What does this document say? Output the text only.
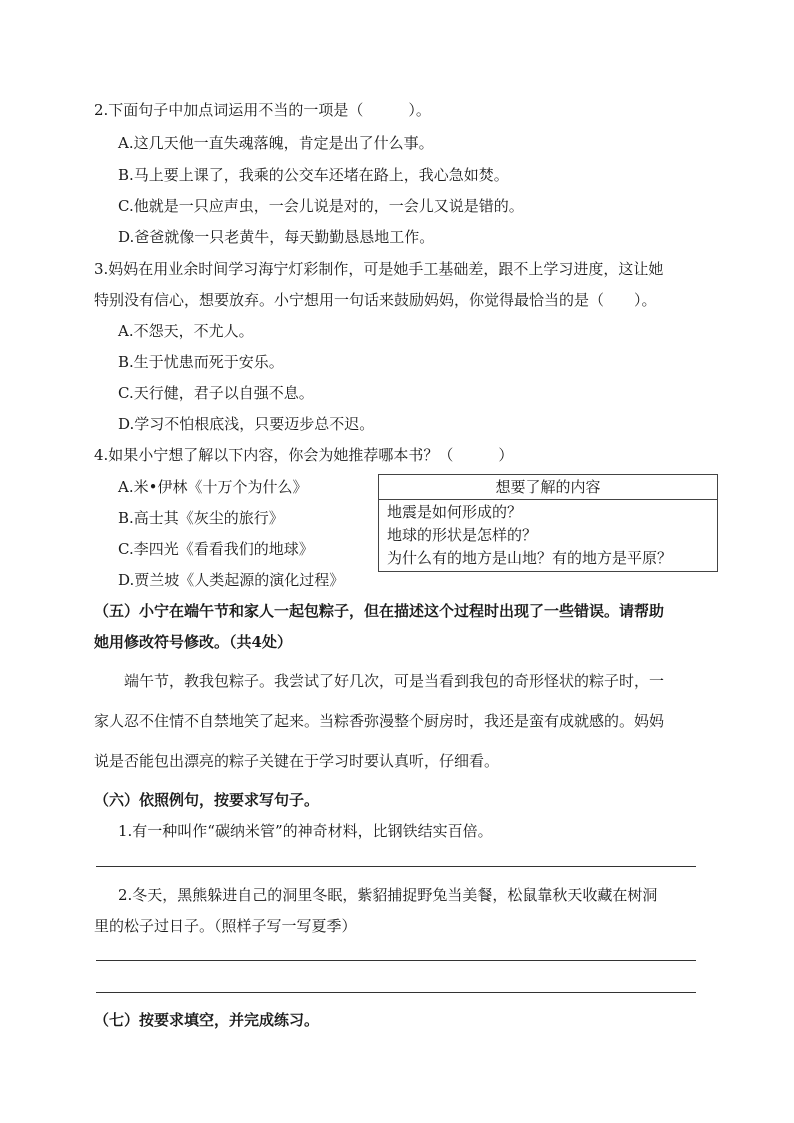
2.下面句子中加点词运用不当的一项是（　　　）。
A.这几天他一直失魂落魄，肯定是出了什么事。
B.马上要上课了，我乘的公交车还堵在路上，我心急如焚。
C.他就是一只应声虫，一会儿说是对的，一会儿又说是错的。
D.爸爸就像一只老黄牛，每天勤勤恳恳地工作。
3.妈妈在用业余时间学习海宁灯彩制作，可是她手工基础差，跟不上学习进度，这让她
特别没有信心，想要放弃。小宁想用一句话来鼓励妈妈，你觉得最恰当的是（　　）。
A.不怨天，不尤人。
B.生于忧患而死于安乐。
C.天行健，君子以自强不息。
D.学习不怕根底浅，只要迈步总不迟。
4.如果小宁想了解以下内容，你会为她推荐哪本书？（　　　）
A.米•伊林《十万个为什么》
B.高士其《灰尘的旅行》
C.李四光《看看我们的地球》
D.贾兰坡《人类起源的演化过程》
想要了解的内容
地震是如何形成的？
地球的形状是怎样的？
为什么有的地方是山地？有的地方是平原？
（五）小宁在端午节和家人一起包粽子，但在描述这个过程时出现了一些错误。请帮助
她用修改符号修改。（共4处）
端午节，教我包粽子。我尝试了好几次，可是当看到我包的奇形怪状的粽子时，一
家人忍不住情不自禁地笑了起来。当粽香弥漫整个厨房时，我还是蛮有成就感的。妈妈
说是否能包出漂亮的粽子关键在于学习时要认真听，仔细看。
（六）依照例句，按要求写句子。
1.有一种叫作“碳纳米管”的神奇材料，比钢铁结实百倍。
2.冬天，黑熊躲进自己的洞里冬眠，紫貂捕捉野兔当美餐，松鼠靠秋天收藏在树洞
里的松子过日子。（照样子写一写夏季）
（七）按要求填空，并完成练习。
